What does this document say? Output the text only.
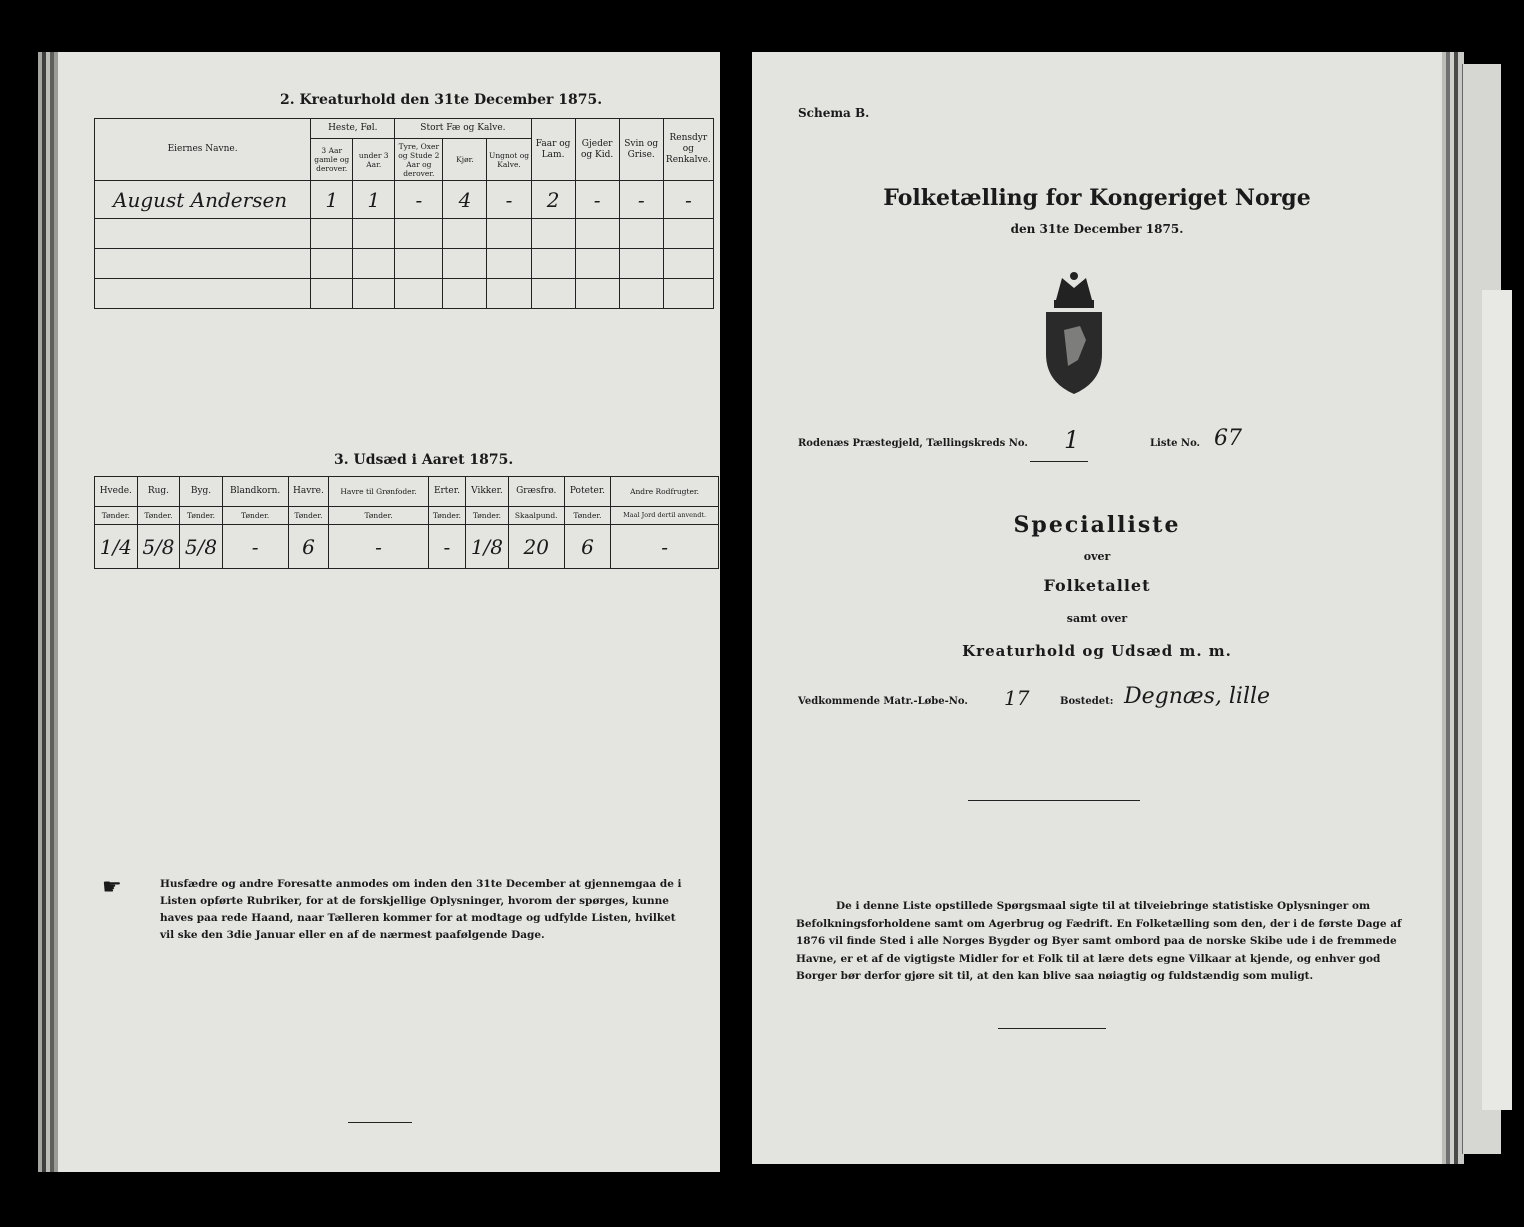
2. Kreaturhold den 31te December 1875.
Eiernes Navne.	Heste, Føl.		Stort Fæ og Kalve.			Faar og Lam.	Gjeder og Kid.	Svin og Grise.	Rensdyr og Renkalve.
	3 Aar gamle og derover.	under 3 Aar.	Tyre, Oxer og Stude 2 Aar og derover.	Kjør.	Ungnot og Kalve.				
August Andersen	1	1	-	4	-	2	-	-	-

3. Udsæd i Aaret 1875.
Hvede.	Rug.	Byg.	Blandkorn.	Havre.	Havre til Grønfoder.	Erter.	Vikker.	Græsfrø.	Poteter.	Andre Rodfrugter.
Tønder.	Tønder.	Tønder.	Tønder.	Tønder.	Tønder.	Tønder.	Tønder.	Skaalpund.	Tønder.	Maal Jord dertil anvendt.
1/4	5/8	5/8	-	6	-	-	1/8	20	6	-
☛	Husfædre og andre Foresatte anmodes om inden den 31te December at gjennemgaa de i Listen opførte Rubriker, for at de forskjellige Oplysninger, hvorom der spørges, kunne haves paa rede Haand, naar Tælleren kommer for at modtage og udfylde Listen, hvilket vil ske den 3die Januar eller en af de nærmest paafølgende Dage.
Schema B.
Folketælling for Kongeriget Norge
den 31te December 1875.
Rodenæs Præstegjeld, Tællingskreds No. 1	Liste No. 67
Specialliste
over
Folketallet
samt over
Kreaturhold og Udsæd m. m.
Vedkommende Matr.-Løbe-No. 17	Bostedet: Degnæs, lille
De i denne Liste opstillede Spørgsmaal sigte til at tilveiebringe statistiske Oplysninger om Befolkningsforholdene samt om Agerbrug og Fædrift. En Folketælling som den, der i de første Dage af 1876 vil finde Sted i alle Norges Bygder og Byer samt ombord paa de norske Skibe ude i de fremmede Havne, er et af de vigtigste Midler for et Folk til at lære dets egne Vilkaar at kjende, og enhver god Borger bør derfor gjøre sit til, at den kan blive saa nøiagtig og fuldstændig som muligt.
